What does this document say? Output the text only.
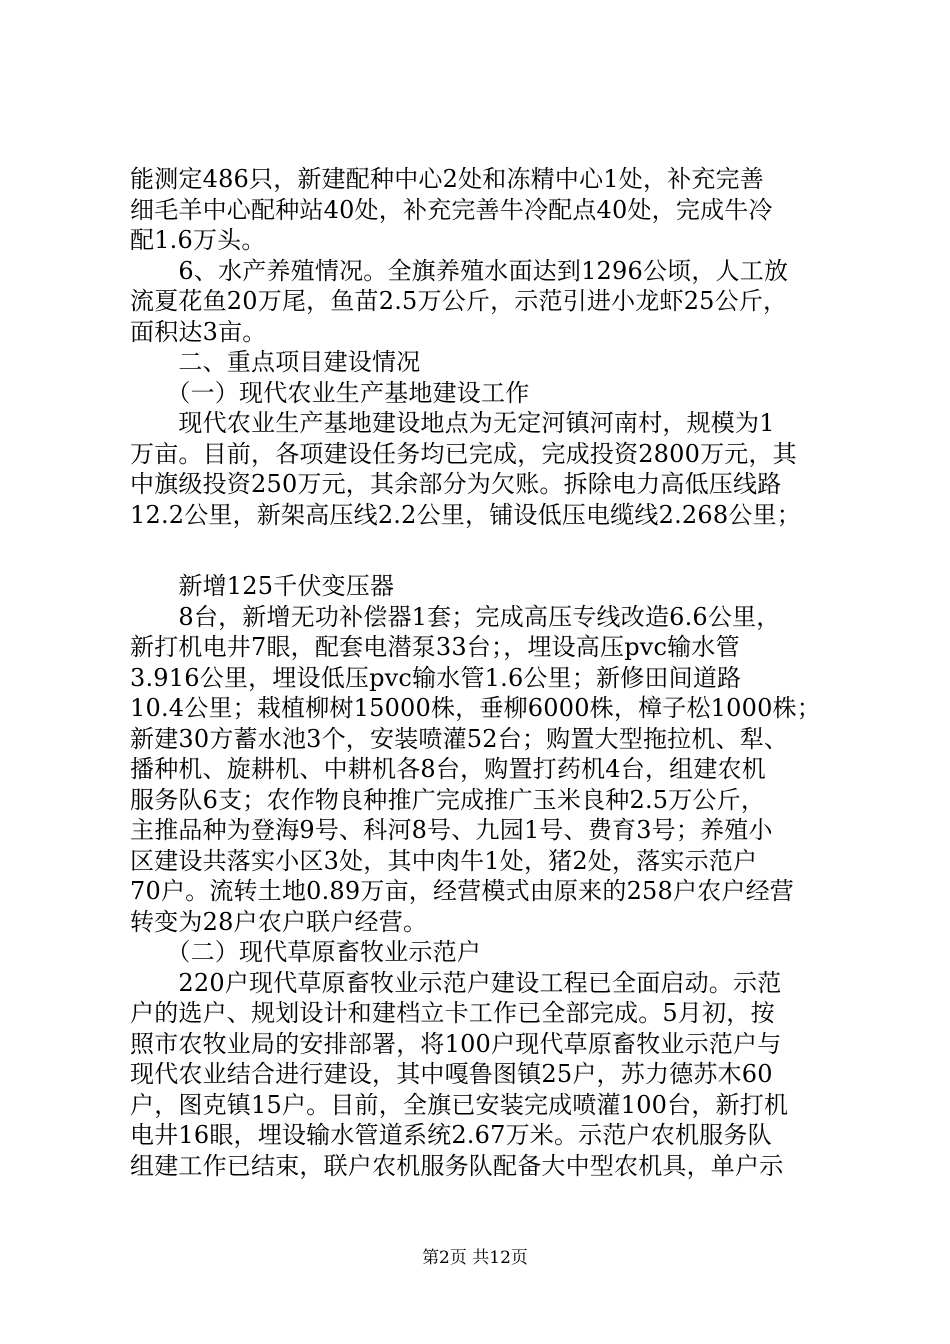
能测定486只，新建配种中心2处和冻精中心1处，补充完善
细毛羊中心配种站40处，补充完善牛冷配点40处，完成牛冷
配1.6万头。
　　6、水产养殖情况。全旗养殖水面达到1296公顷，人工放
流夏花鱼20万尾，鱼苗2.5万公斤，示范引进小龙虾25公斤，
面积达3亩。
　　二、重点项目建设情况
　　（一）现代农业生产基地建设工作
　　现代农业生产基地建设地点为无定河镇河南村，规模为1
万亩。目前，各项建设任务均已完成，完成投资2800万元，其
中旗级投资250万元，其余部分为欠账。拆除电力高低压线路
12.2公里，新架高压线2.2公里，铺设低压电缆线2.268公里；
　　新增125千伏变压器
　　8台，新增无功补偿器1套；完成高压专线改造6.6公里，
新打机电井7眼，配套电潜泵33台；，埋设高压pvc输水管
3.916公里，埋设低压pvc输水管1.6公里；新修田间道路
10.4公里；栽植柳树15000株，垂柳6000株，樟子松1000株；
新建30方蓄水池3个，安装喷灌52台；购置大型拖拉机、犁、
播种机、旋耕机、中耕机各8台，购置打药机4台，组建农机
服务队6支；农作物良种推广完成推广玉米良种2.5万公斤，
主推品种为登海9号、科河8号、九园1号、费育3号；养殖小
区建设共落实小区3处，其中肉牛1处，猪2处，落实示范户
70户。流转土地0.89万亩，经营模式由原来的258户农户经营
转变为28户农户联户经营。
　　（二）现代草原畜牧业示范户
　　220户现代草原畜牧业示范户建设工程已全面启动。示范
户的选户、规划设计和建档立卡工作已全部完成。5月初，按
照市农牧业局的安排部署，将100户现代草原畜牧业示范户与
现代农业结合进行建设，其中嘎鲁图镇25户，苏力德苏木60
户，图克镇15户。目前，全旗已安装完成喷灌100台，新打机
电井16眼，埋设输水管道系统2.67万米。示范户农机服务队
组建工作已结束，联户农机服务队配备大中型农机具，单户示
第2页 共12页
